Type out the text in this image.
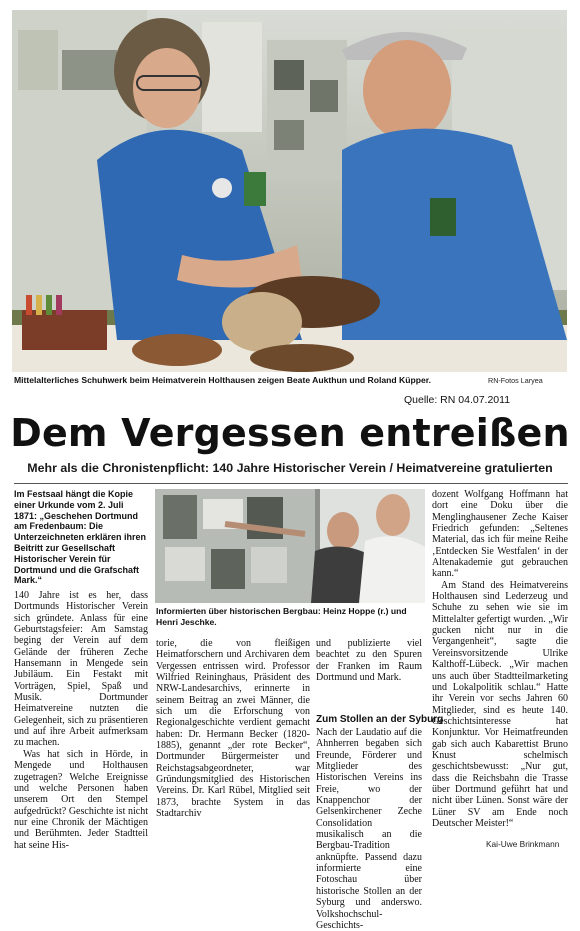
Mittelalterliches Schuhwerk beim Heimatverein Holthausen zeigen Beate Aukthun und Roland Küpper.	RN-Fotos Laryea
Quelle: RN 04.07.2011
Dem Vergessen entreißen
Mehr als die Chronistenpflicht: 140 Jahre Historischer Verein / Heimatvereine gratulierten
Im Festsaal hängt die Kopie einer Urkunde vom 2. Juli 1871: „Geschehen Dortmund am Fredenbaum: Die Unterzeichneten erklären ihren Beitritt zur Gesellschaft Historischer Verein für Dortmund und die Grafschaft Mark.“

140 Jahre ist es her, dass Dortmunds Historischer Verein sich gründete. Anlass für eine Geburtstagsfeier: Am Samstag beging der Verein auf dem Gelände der früheren Zeche Hansemann in Mengede sein Jubiläum. Ein Festakt mit Vorträgen, Spiel, Spaß und Musik. Dortmunder Heimatvereine nutzten die Gelegenheit, sich zu präsentieren und auf ihre Arbeit aufmerksam zu machen.

Was hat sich in Hörde, in Mengede und Holthausen zugetragen? Welche Ereignisse und welche Personen haben unserem Ort den Stempel aufgedrückt? Geschichte ist nicht nur eine Chronik der Mächtigen und Berühmten. Jeder Stadtteil hat seine His-

Informierten über historischen Bergbau: Heinz Hoppe (r.) und Henri Jeschke.

torie, die von fleißigen Heimatforschern und Archivaren dem Vergessen entrissen wird. Professor Wilfried Reininghaus, Präsident des NRW-Landesarchivs, erinnerte in seinem Beitrag an zwei Männer, die sich um die Erforschung von Regionalgeschichte verdient gemacht haben: Dr. Hermann Becker (1820-1885), genannt „der rote Becker“, Dortmunder Bürgermeister und Reichstagsabgeordneter, war Gründungsmitglied des Historischen Vereins. Dr. Karl Rübel, Mitglied seit 1873, brachte System in das Stadtarchiv

und publizierte viel beachtet zu den Spuren der Franken im Raum Dortmund und Mark.

Zum Stollen an der Syburg

Nach der Laudatio auf die Ahnherren begaben sich Freunde, Förderer und Mitglieder des Historischen Vereins ins Freie, wo der Knappenchor der Gelsenkirchener Zeche Consolidation musikalisch an die Bergbau-Tradition anknüpfte. Passend dazu informierte eine Fotoschau über historische Stollen an der Syburg und anderswo. Volkshochschul-Geschichts-

dozent Wolfgang Hoffmann hat dort eine Doku über die Menglinghausener Zeche Kaiser Friedrich gefunden: „Seltenes Material, das ich für meine Reihe ‚Entdecken Sie Westfalen‘ in der Altenakademie gut gebrauchen kann.“

Am Stand des Heimatvereins Holthausen sind Lederzeug und Schuhe zu sehen wie sie im Mittelalter gefertigt wurden. „Wir gucken nicht nur in die Vergangenheit“, sagte die Vereinsvorsitzende Ulrike Kalthoff-Lübeck. „Wir machen uns auch über Stadtteilmarketing und Lokalpolitik schlau.“ Hatte ihr Verein vor sechs Jahren 60 Mitglieder, sind es heute 140. Geschichtsinteresse hat Konjunktur. Vor Heimatfreunden gab sich auch Kabarettist Bruno Knust schelmisch geschichtsbewusst: „Nur gut, dass die Reichsbahn die Trasse über Dortmund geführt hat und nicht über Lünen. Sonst wäre der Lüner SV am Ende noch Deutscher Meister!“

Kai-Uwe Brinkmann
